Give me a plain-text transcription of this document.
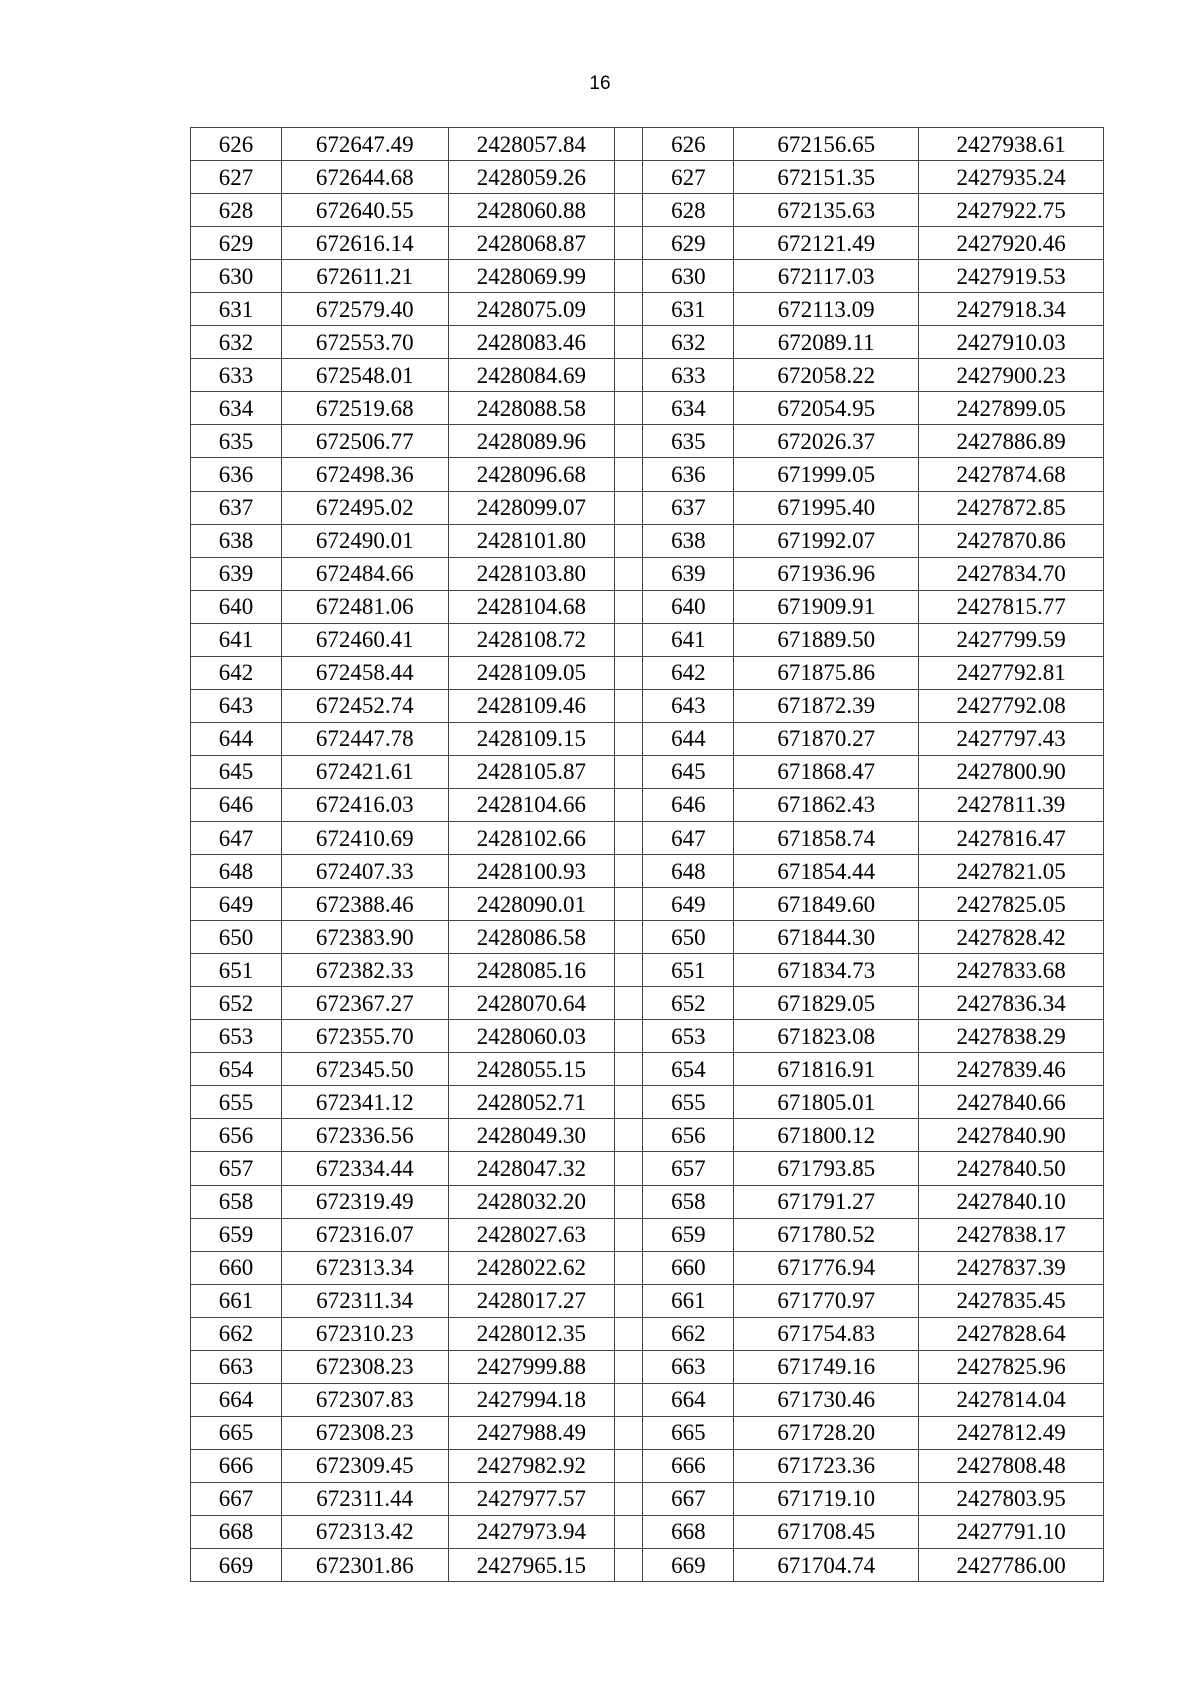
16
626	672647.49	2428057.84		626	672156.65	2427938.61
627	672644.68	2428059.26		627	672151.35	2427935.24
628	672640.55	2428060.88		628	672135.63	2427922.75
629	672616.14	2428068.87		629	672121.49	2427920.46
630	672611.21	2428069.99		630	672117.03	2427919.53
631	672579.40	2428075.09		631	672113.09	2427918.34
632	672553.70	2428083.46		632	672089.11	2427910.03
633	672548.01	2428084.69		633	672058.22	2427900.23
634	672519.68	2428088.58		634	672054.95	2427899.05
635	672506.77	2428089.96		635	672026.37	2427886.89
636	672498.36	2428096.68		636	671999.05	2427874.68
637	672495.02	2428099.07		637	671995.40	2427872.85
638	672490.01	2428101.80		638	671992.07	2427870.86
639	672484.66	2428103.80		639	671936.96	2427834.70
640	672481.06	2428104.68		640	671909.91	2427815.77
641	672460.41	2428108.72		641	671889.50	2427799.59
642	672458.44	2428109.05		642	671875.86	2427792.81
643	672452.74	2428109.46		643	671872.39	2427792.08
644	672447.78	2428109.15		644	671870.27	2427797.43
645	672421.61	2428105.87		645	671868.47	2427800.90
646	672416.03	2428104.66		646	671862.43	2427811.39
647	672410.69	2428102.66		647	671858.74	2427816.47
648	672407.33	2428100.93		648	671854.44	2427821.05
649	672388.46	2428090.01		649	671849.60	2427825.05
650	672383.90	2428086.58		650	671844.30	2427828.42
651	672382.33	2428085.16		651	671834.73	2427833.68
652	672367.27	2428070.64		652	671829.05	2427836.34
653	672355.70	2428060.03		653	671823.08	2427838.29
654	672345.50	2428055.15		654	671816.91	2427839.46
655	672341.12	2428052.71		655	671805.01	2427840.66
656	672336.56	2428049.30		656	671800.12	2427840.90
657	672334.44	2428047.32		657	671793.85	2427840.50
658	672319.49	2428032.20		658	671791.27	2427840.10
659	672316.07	2428027.63		659	671780.52	2427838.17
660	672313.34	2428022.62		660	671776.94	2427837.39
661	672311.34	2428017.27		661	671770.97	2427835.45
662	672310.23	2428012.35		662	671754.83	2427828.64
663	672308.23	2427999.88		663	671749.16	2427825.96
664	672307.83	2427994.18		664	671730.46	2427814.04
665	672308.23	2427988.49		665	671728.20	2427812.49
666	672309.45	2427982.92		666	671723.36	2427808.48
667	672311.44	2427977.57		667	671719.10	2427803.95
668	672313.42	2427973.94		668	671708.45	2427791.10
669	672301.86	2427965.15		669	671704.74	2427786.00
